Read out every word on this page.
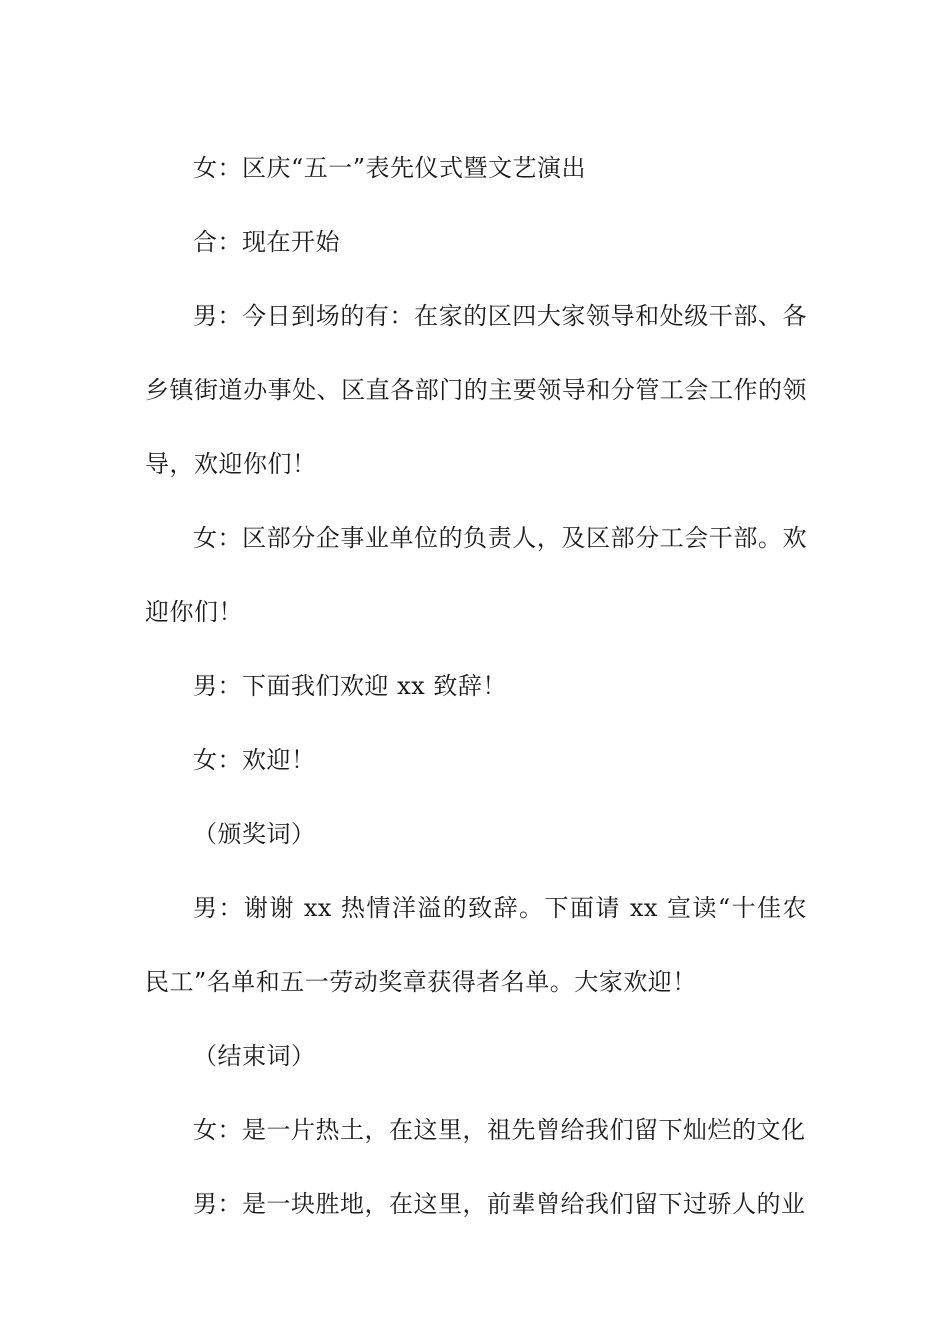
女：区庆“五一”表先仪式暨文艺演出

合：现在开始

男：今日到场的有：在家的区四大家领导和处级干部、各乡镇街道办事处、区直各部门的主要领导和分管工会工作的领导，欢迎你们！

女：区部分企事业单位的负责人，及区部分工会干部。欢迎你们！

男：下面我们欢迎 xx 致辞！

女：欢迎！

（颁奖词）

男：谢谢 xx 热情洋溢的致辞。下面请 xx 宣读“十佳农民工”名单和五一劳动奖章获得者名单。大家欢迎！

（结束词）

女：是一片热土，在这里，祖先曾给我们留下灿烂的文化

男：是一块胜地，在这里，前辈曾给我们留下过骄人的业
